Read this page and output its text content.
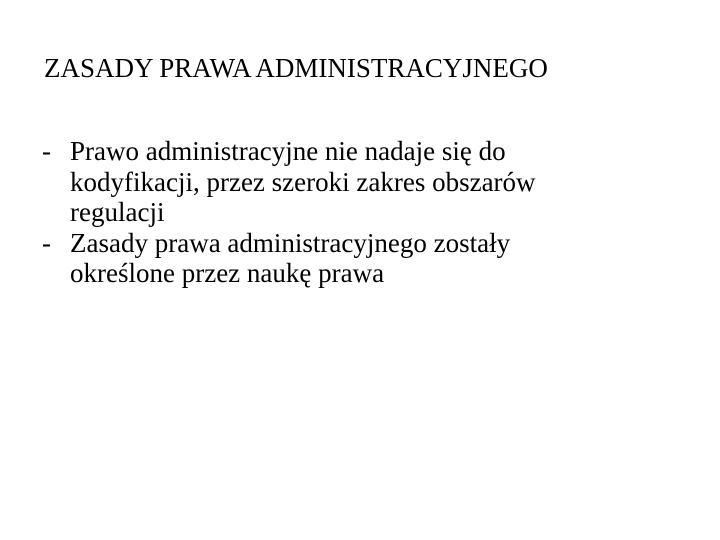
ZASADY PRAWA ADMINISTRACYJNEGO
- Prawo administracyjne nie nadaje się do
kodyfikacji, przez szeroki zakres obszarów
regulacji
- Zasady prawa administracyjnego zostały
określone przez naukę prawa
